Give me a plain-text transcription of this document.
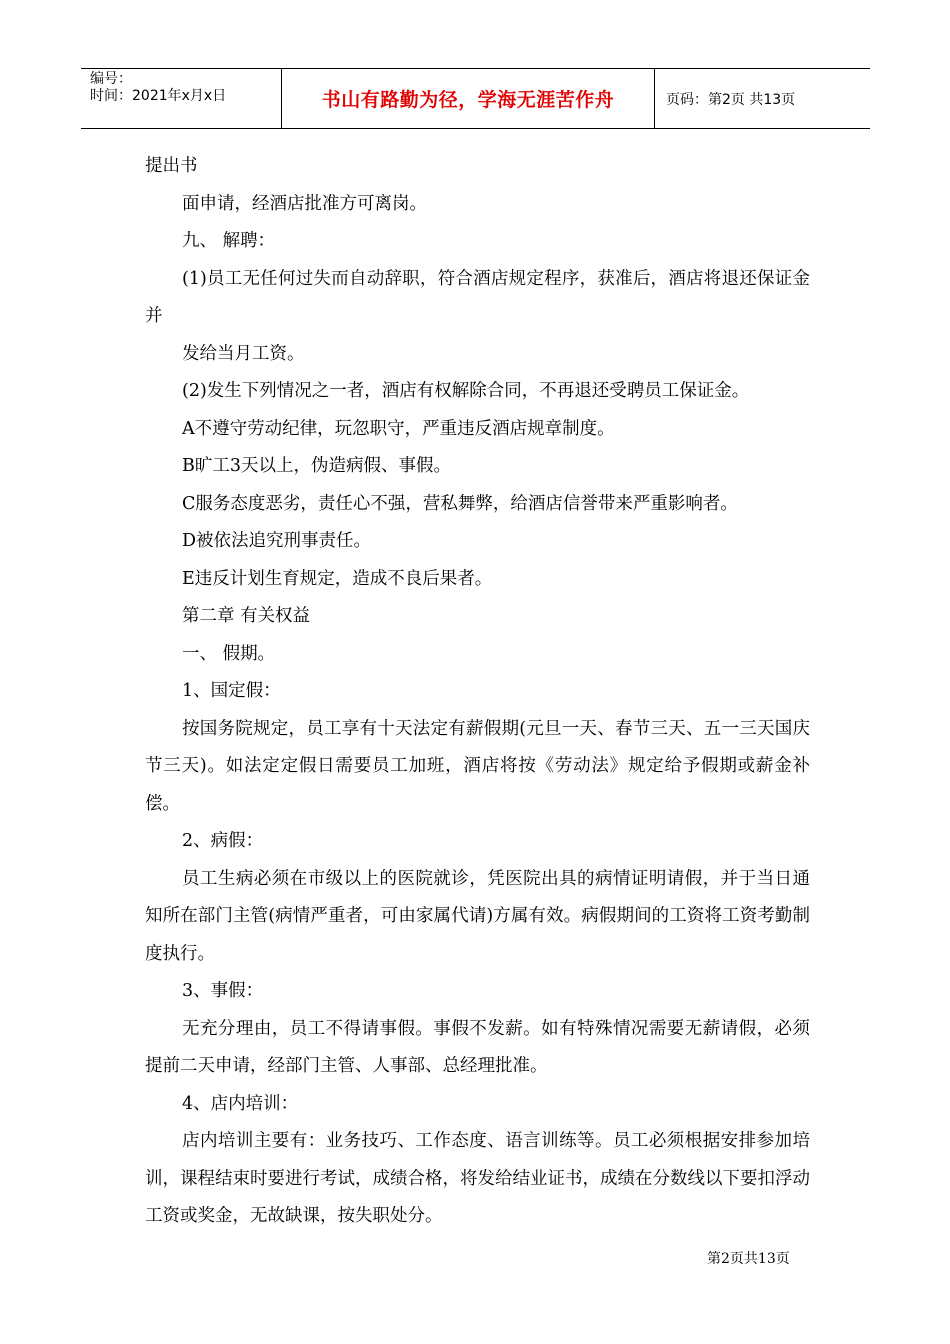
编号：
时间：2021年x月x日	书山有路勤为径，学海无涯苦作舟	页码：第2页 共13页

提出书

面申请，经酒店批准方可离岗。

九、 解聘：

(1)员工无任何过失而自动辞职，符合酒店规定程序，获准后，酒店将退还保证金并

发给当月工资。

(2)发生下列情况之一者，酒店有权解除合同，不再退还受聘员工保证金。

A不遵守劳动纪律，玩忽职守，严重违反酒店规章制度。

B旷工3天以上，伪造病假、事假。

C服务态度恶劣，责任心不强，营私舞弊，给酒店信誉带来严重影响者。

D被依法追究刑事责任。

E违反计划生育规定，造成不良后果者。

第二章 有关权益

一、 假期。

1、国定假：

按国务院规定，员工享有十天法定有薪假期(元旦一天、春节三天、五一三天国庆节三天)。如法定定假日需要员工加班，酒店将按《劳动法》规定给予假期或薪金补偿。

2、病假：

员工生病必须在市级以上的医院就诊，凭医院出具的病情证明请假，并于当日通知所在部门主管(病情严重者，可由家属代请)方属有效。病假期间的工资将工资考勤制度执行。

3、事假：

无充分理由，员工不得请事假。事假不发薪。如有特殊情况需要无薪请假，必须提前二天申请，经部门主管、人事部、总经理批准。

4、店内培训：

店内培训主要有：业务技巧、工作态度、语言训练等。员工必须根据安排参加培训，课程结束时要进行考试，成绩合格，将发给结业证书，成绩在分数线以下要扣浮动工资或奖金，无故缺课，按失职处分。

第2页共13页
